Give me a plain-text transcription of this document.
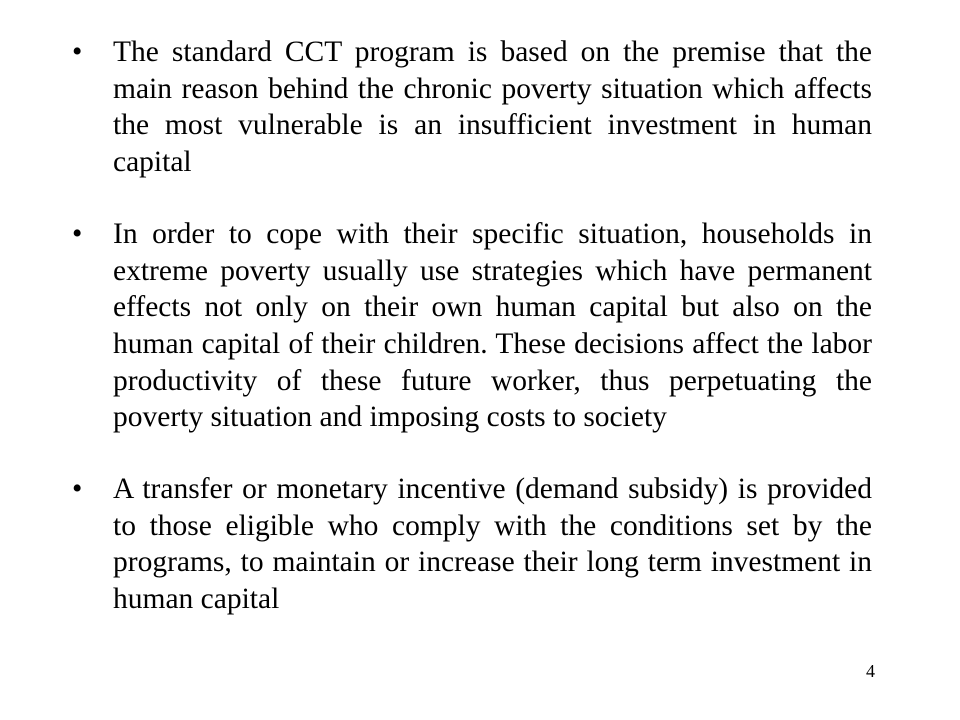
• The standard CCT program is based on the premise that the main reason behind the chronic poverty situation which affects the most vulnerable is an insufficient investment in human capital
• In order to cope with their specific situation, households in extreme poverty usually use strategies which have permanent effects not only on their own human capital but also on the human capital of their children. These decisions affect the labor productivity of these future worker, thus perpetuating the poverty situation and imposing costs to society
• A transfer or monetary incentive (demand subsidy) is provided to those eligible who comply with the conditions set by the programs, to maintain or increase their long term investment in human capital
4
